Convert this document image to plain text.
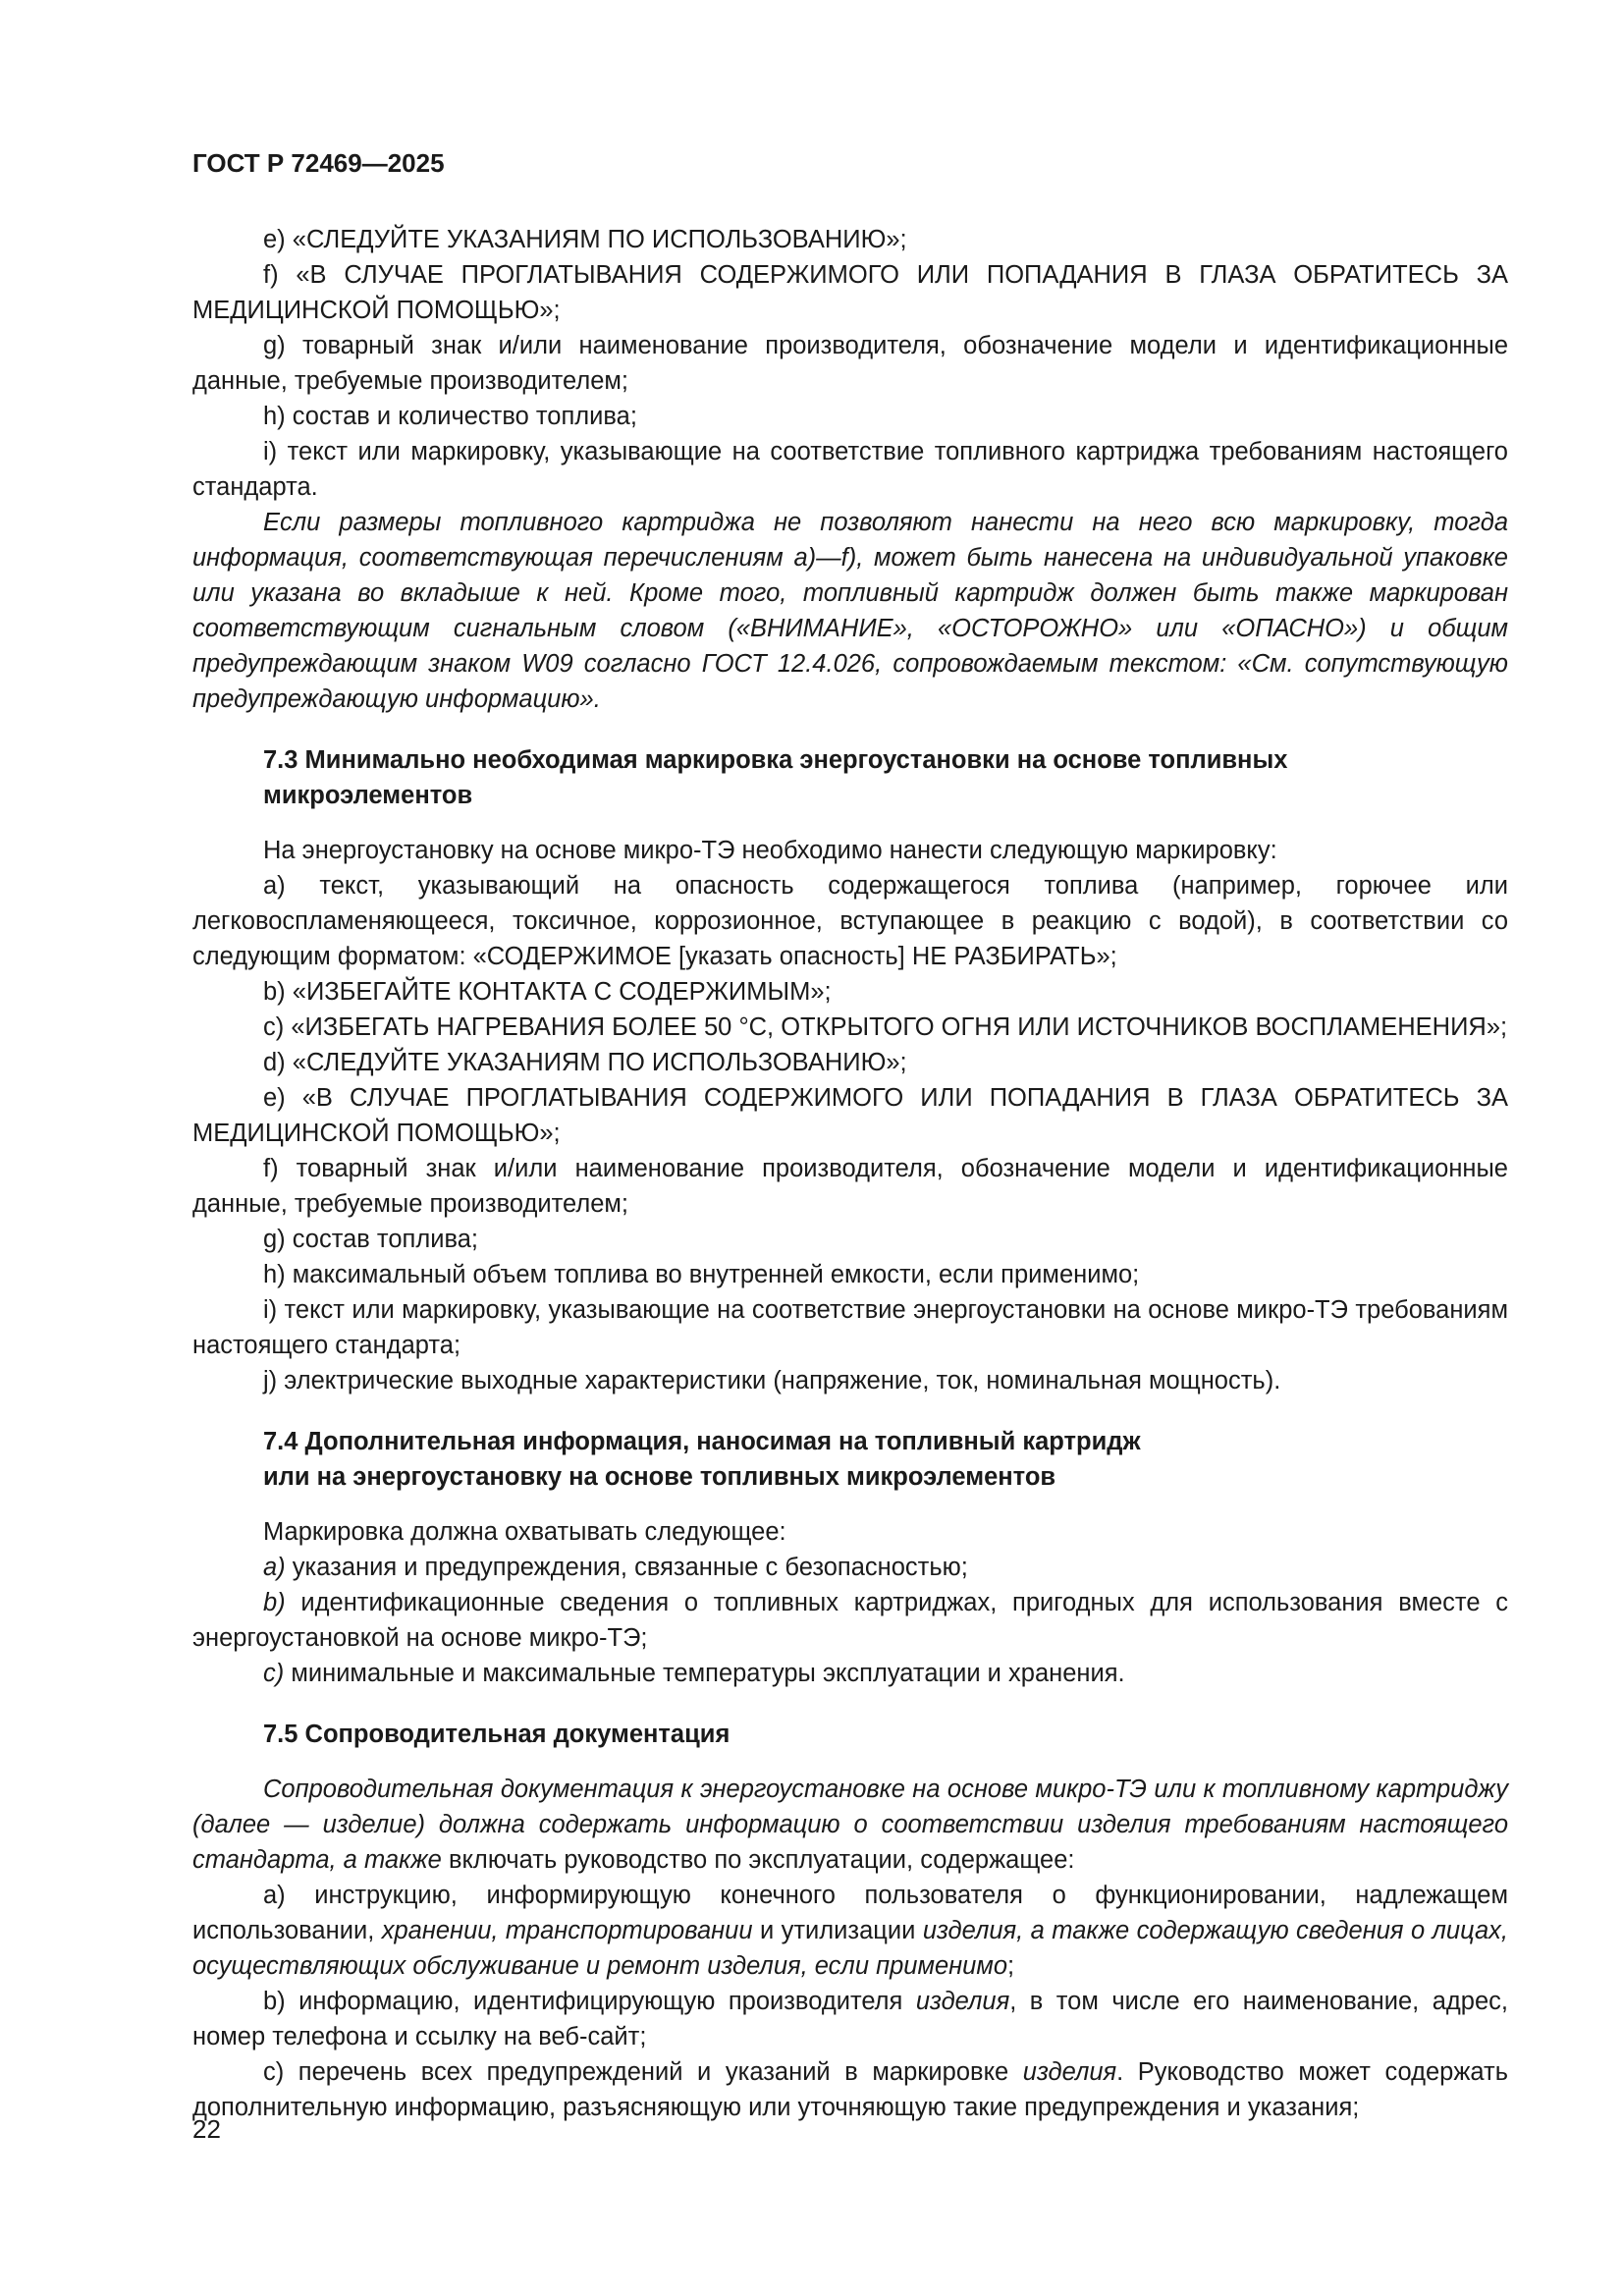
ГОСТ Р 72469—2025

e) «СЛЕДУЙТЕ УКАЗАНИЯМ ПО ИСПОЛЬЗОВАНИЮ»;

f) «В СЛУЧАЕ ПРОГЛАТЫВАНИЯ СОДЕРЖИМОГО ИЛИ ПОПАДАНИЯ В ГЛАЗА ОБРАТИТЕСЬ ЗА МЕДИЦИНСКОЙ ПОМОЩЬЮ»;

g) товарный знак и/или наименование производителя, обозначение модели и идентификационные данные, требуемые производителем;

h) состав и количество топлива;

i) текст или маркировку, указывающие на соответствие топливного картриджа требованиям настоящего стандарта.

Если размеры топливного картриджа не позволяют нанести на него всю маркировку, тогда информация, соответствующая перечислениям а)—f), может быть нанесена на индивидуальной упаковке или указана во вкладыше к ней. Кроме того, топливный картридж должен быть также маркирован соответствующим сигнальным словом («ВНИМАНИЕ», «ОСТОРОЖНО» или «ОПАСНО») и общим предупреждающим знаком W09 согласно ГОСТ 12.4.026, сопровождаемым текстом: «См. сопутствующую предупреждающую информацию».

7.3 Минимально необходимая маркировка энергоустановки на основе топливных
микроэлементов

На энергоустановку на основе микро-ТЭ необходимо нанести следующую маркировку:

а) текст, указывающий на опасность содержащегося топлива (например, горючее или легковоспламеняющееся, токсичное, коррозионное, вступающее в реакцию с водой), в соответствии со следующим форматом: «СОДЕРЖИМОЕ [указать опасность] НЕ РАЗБИРАТЬ»;

b) «ИЗБЕГАЙТЕ КОНТАКТА С СОДЕРЖИМЫМ»;

c) «ИЗБЕГАТЬ НАГРЕВАНИЯ БОЛЕЕ 50 °С, ОТКРЫТОГО ОГНЯ ИЛИ ИСТОЧНИКОВ ВОСПЛАМЕНЕНИЯ»;

d) «СЛЕДУЙТЕ УКАЗАНИЯМ ПО ИСПОЛЬЗОВАНИЮ»;

e) «В СЛУЧАЕ ПРОГЛАТЫВАНИЯ СОДЕРЖИМОГО ИЛИ ПОПАДАНИЯ В ГЛАЗА ОБРАТИТЕСЬ ЗА МЕДИЦИНСКОЙ ПОМОЩЬЮ»;

f) товарный знак и/или наименование производителя, обозначение модели и идентификационные данные, требуемые производителем;

g) состав топлива;

h) максимальный объем топлива во внутренней емкости, если применимо;

i) текст или маркировку, указывающие на соответствие энергоустановки на основе микро-ТЭ требованиям настоящего стандарта;

j) электрические выходные характеристики (напряжение, ток, номинальная мощность).

7.4 Дополнительная информация, наносимая на топливный картридж
или на энергоустановку на основе топливных микроэлементов

Маркировка должна охватывать следующее:

а) указания и предупреждения, связанные с безопасностью;

b) идентификационные сведения о топливных картриджах, пригодных для использования вместе с энергоустановкой на основе микро-ТЭ;

c) минимальные и максимальные температуры эксплуатации и хранения.

7.5 Сопроводительная документация

Сопроводительная документация к энергоустановке на основе микро-ТЭ или к топливному картриджу (далее — изделие) должна содержать информацию о соответствии изделия требованиям настоящего стандарта, а также включать руководство по эксплуатации, содержащее:

а) инструкцию, информирующую конечного пользователя о функционировании, надлежащем использовании, хранении, транспортировании и утилизации изделия, а также содержащую сведения о лицах, осуществляющих обслуживание и ремонт изделия, если применимо;

b) информацию, идентифицирующую производителя изделия, в том числе его наименование, адрес, номер телефона и ссылку на веб-сайт;

c) перечень всех предупреждений и указаний в маркировке изделия. Руководство может содержать дополнительную информацию, разъясняющую или уточняющую такие предупреждения и указания;

22
